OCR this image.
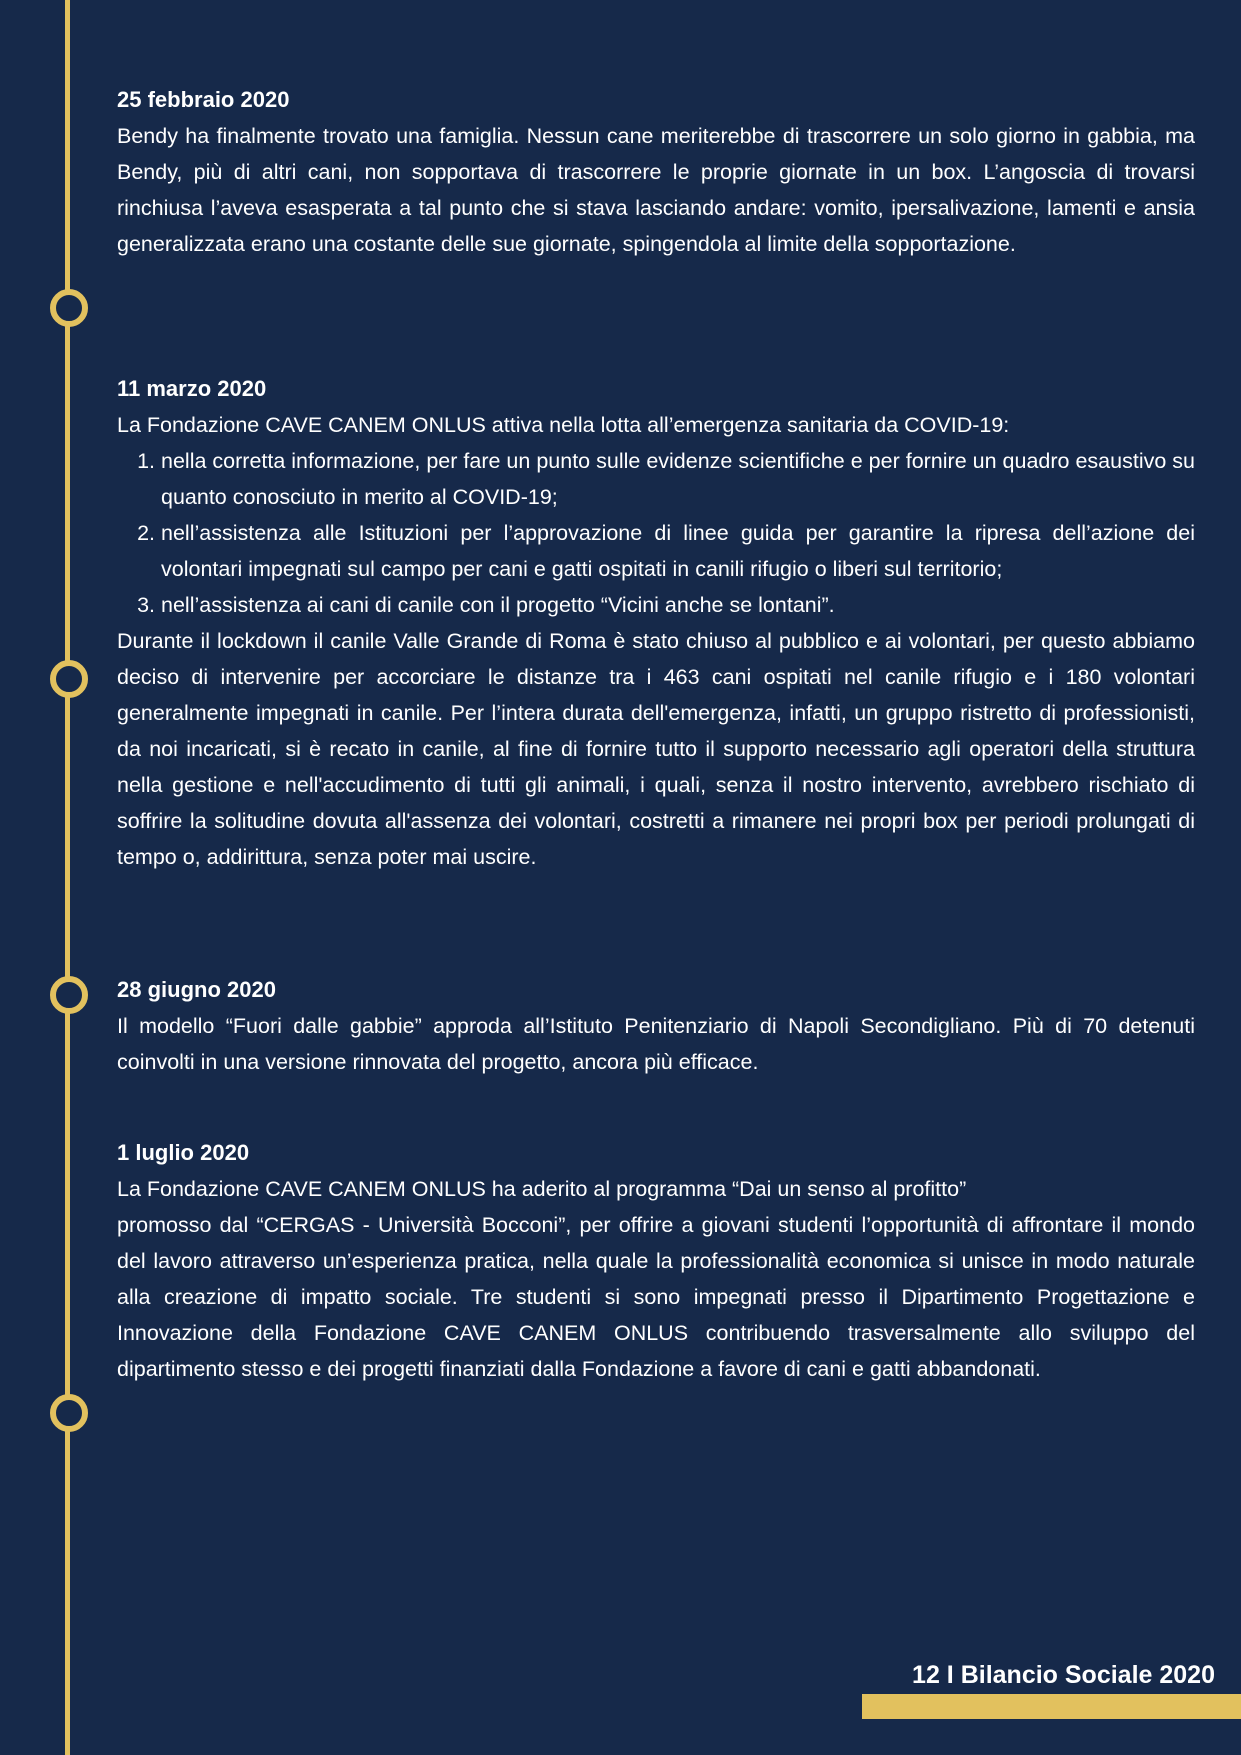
25 febbraio 2020

Bendy ha finalmente trovato una famiglia. Nessun cane meriterebbe di trascorrere un solo giorno in gabbia, ma Bendy, più di altri cani, non sopportava di trascorrere le proprie giornate in un box. L’angoscia di trovarsi rinchiusa l’aveva esasperata a tal punto che si stava lasciando andare: vomito, ipersalivazione, lamenti e ansia generalizzata erano una costante delle sue giornate, spingendola al limite della sopportazione.

11 marzo 2020

La Fondazione CAVE CANEM ONLUS attiva nella lotta all’emergenza sanitaria da COVID-19:

1. nella corretta informazione, per fare un punto sulle evidenze scientifiche e per fornire un quadro esaustivo su quanto conosciuto in merito al COVID-19;
2. nell’assistenza alle Istituzioni per l’approvazione di linee guida per garantire la ripresa dell’azione dei volontari impegnati sul campo per cani e gatti ospitati in canili rifugio o liberi sul territorio;
3. nell’assistenza ai cani di canile con il progetto “Vicini anche se lontani”.

Durante il lockdown il canile Valle Grande di Roma è stato chiuso al pubblico e ai volontari, per questo abbiamo deciso di intervenire per accorciare le distanze tra i 463 cani ospitati nel canile rifugio e i 180 volontari generalmente impegnati in canile. Per l’intera durata dell'emergenza, infatti, un gruppo ristretto di professionisti, da noi incaricati, si è recato in canile, al fine di fornire tutto il supporto necessario agli operatori della struttura nella gestione e nell'accudimento di tutti gli animali, i quali, senza il nostro intervento, avrebbero rischiato di soffrire la solitudine dovuta all'assenza dei volontari, costretti a rimanere nei propri box per periodi prolungati di tempo o, addirittura, senza poter mai uscire.

28 giugno 2020

Il modello “Fuori dalle gabbie” approda all’Istituto Penitenziario di Napoli Secondigliano. Più di 70 detenuti coinvolti in una versione rinnovata del progetto, ancora più efficace.

1 luglio 2020

La Fondazione CAVE CANEM ONLUS ha aderito al programma “Dai un senso al profitto”

promosso dal “CERGAS - Università Bocconi”, per offrire a giovani studenti l’opportunità di affrontare il mondo del lavoro attraverso un’esperienza pratica, nella quale la professionalità economica si unisce in modo naturale alla creazione di impatto sociale. Tre studenti si sono impegnati presso il Dipartimento Progettazione e Innovazione della Fondazione CAVE CANEM ONLUS contribuendo trasversalmente allo sviluppo del dipartimento stesso e dei progetti finanziati dalla Fondazione a favore di cani e gatti abbandonati.

12 I Bilancio Sociale 2020
